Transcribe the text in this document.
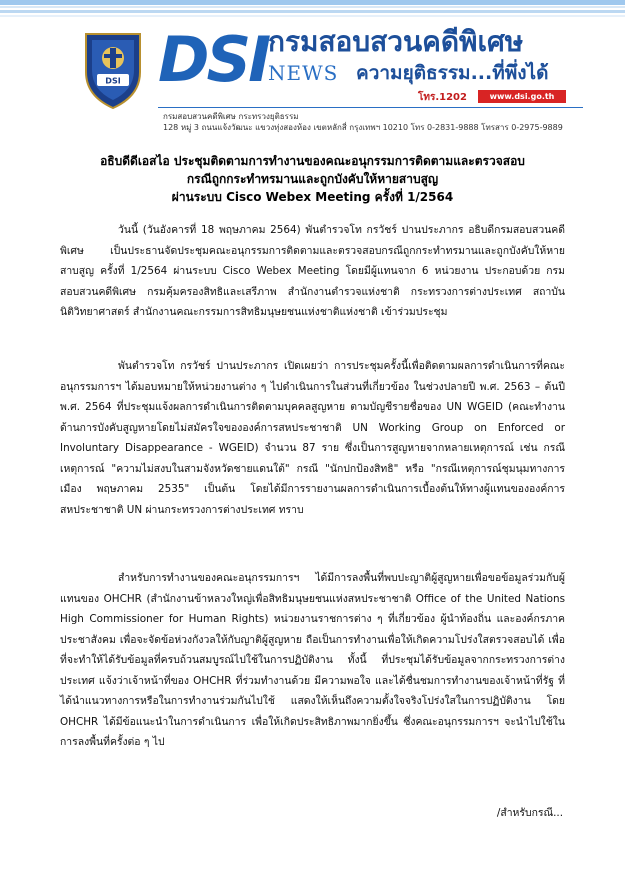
DSI DSI กรมสอบสวนคดีพิเศษ
NEWS ความยุติธรรม...ที่พึ่งได้
โทร.1202	www.dsi.go.th
กรมสอบสวนคดีพิเศษ กระทรวงยุติธรรม
128 หมู่ 3 ถนนแจ้งวัฒนะ แขวงทุ่งสองห้อง เขตหลักสี่ กรุงเทพฯ 10210 โทร 0-2831-9888 โทรสาร 0-2975-9889
อธิบดีดีเอสไอ ประชุมติดตามการทำงานของคณะอนุกรรมการติดตามและตรวจสอบ
กรณีถูกกระทำทรมานและถูกบังคับให้หายสาบสูญ
ผ่านระบบ Cisco Webex Meeting ครั้งที่ 1/2564

วันนี้ (วันอังคารที่ 18 พฤษภาคม 2564) พันตำรวจโท กรวัชร์ ปานประภากร อธิบดีกรมสอบสวนคดีพิเศษ เป็นประธานจัดประชุมคณะอนุกรรมการติดตามและตรวจสอบกรณีถูกกระทำทรมานและถูกบังคับให้หายสาบสูญ ครั้งที่ 1/2564 ผ่านระบบ Cisco Webex Meeting โดยมีผู้แทนจาก 6 หน่วยงาน ประกอบด้วย กรมสอบสวนคดีพิเศษ กรมคุ้มครองสิทธิและเสรีภาพ สำนักงานตำรวจแห่งชาติ กระทรวงการต่างประเทศ สถาบันนิติวิทยาศาสตร์ สำนักงานคณะกรรมการสิทธิมนุษยชนแห่งชาติแห่งชาติ เข้าร่วมประชุม

พันตำรวจโท กรวัชร์ ปานประภากร เปิดเผยว่า การประชุมครั้งนี้เพื่อติดตามผลการดำเนินการที่คณะอนุกรรมการฯ ได้มอบหมายให้หน่วยงานต่าง ๆ ไปดำเนินการในส่วนที่เกี่ยวข้อง ในช่วงปลายปี พ.ศ. 2563 – ต้นปี พ.ศ. 2564 ที่ประชุมแจ้งผลการดำเนินการติดตามบุคคลสูญหาย ตามบัญชีรายชื่อของ UN WGEID (คณะทำงานด้านการบังคับสูญหายโดยไม่สมัครใจขององค์การสหประชาชาติ UN Working Group on Enforced or Involuntary Disappearance - WGEID) จำนวน 87 ราย ซึ่งเป็นการสูญหายจากหลายเหตุการณ์ เช่น กรณีเหตุการณ์ "ความไม่สงบในสามจังหวัดชายแดนใต้" กรณี "นักปกป้องสิทธิ" หรือ "กรณีเหตุการณ์ชุมนุมทางการเมือง พฤษภาคม 2535" เป็นต้น โดยได้มีการรายงานผลการดำเนินการเบื้องต้นให้ทางผู้แทนขององค์การสหประชาชาติ UN ผ่านกระทรวงการต่างประเทศ ทราบ

สำหรับการทำงานของคณะอนุกรรมการฯ ได้มีการลงพื้นที่พบปะญาติผู้สูญหายเพื่อขอข้อมูลร่วมกับผู้แทนของ OHCHR (สำนักงานข้าหลวงใหญ่เพื่อสิทธิมนุษยชนแห่งสหประชาชาติ Office of the United Nations High Commissioner for Human Rights) หน่วยงานราชการต่าง ๆ ที่เกี่ยวข้อง ผู้นำท้องถิ่น และองค์กรภาคประชาสังคม เพื่อจะจัดข้อห่วงกังวลให้กับญาติผู้สูญหาย ถือเป็นการทำงานเพื่อให้เกิดความโปร่งใสตรวจสอบได้ เพื่อที่จะทำให้ได้รับข้อมูลที่ครบถ้วนสมบูรณ์ไปใช้ในการปฏิบัติงาน ทั้งนี้ ที่ประชุมได้รับข้อมูลจากกระทรวงการต่างประเทศ แจ้งว่าเจ้าหน้าที่ของ OHCHR ที่ร่วมทำงานด้วย มีความพอใจ และได้ชื่นชมการทำงานของเจ้าหน้าที่รัฐ ที่ได้นำแนวทางการหรือในการทำงานร่วมกันไปใช้ แสดงให้เห็นถึงความตั้งใจจริงโปร่งใสในการปฏิบัติงาน โดย OHCHR ได้มีข้อแนะนำในการดำเนินการ เพื่อให้เกิดประสิทธิภาพมากยิ่งขึ้น ซึ่งคณะอนุกรรมการฯ จะนำไปใช้ในการลงพื้นที่ครั้งต่อ ๆ ไป

/สำหรับกรณี...
